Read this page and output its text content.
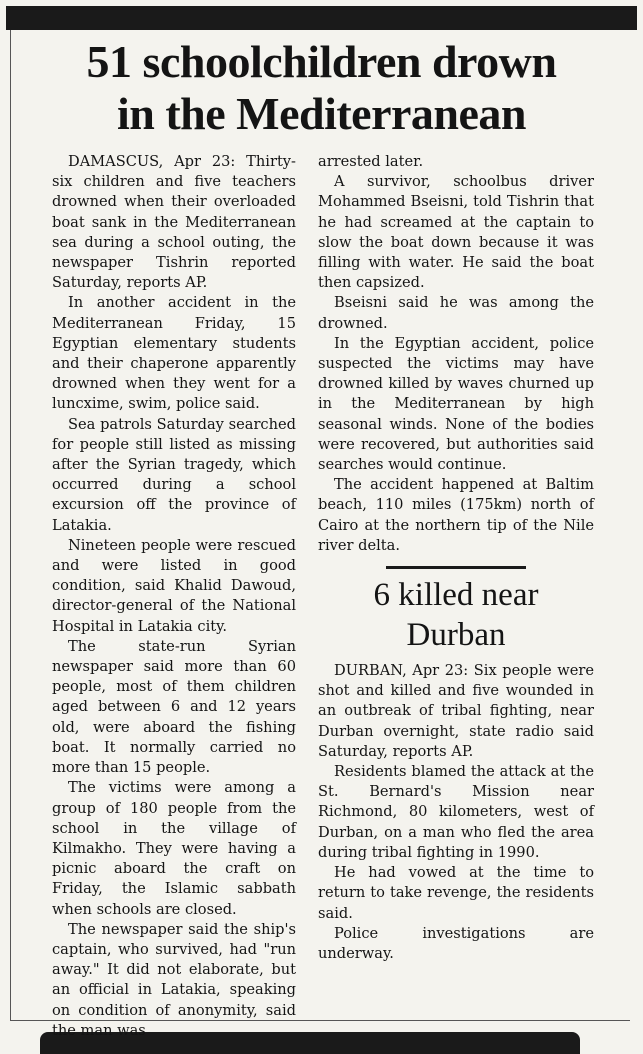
51 schoolchildren drown
in the Mediterranean

DAMASCUS, Apr 23: Thirty-six children and five teachers drowned when their overloaded boat sank in the Mediterranean sea during a school outing, the newspaper Tishrin reported Saturday, reports AP.

In another accident in the Mediterranean Friday, 15 Egyptian elementary students and their chaperone apparently drowned when they went for a luncxime, swim, police said.

Sea patrols Saturday searched for people still listed as missing after the Syrian tragedy, which occurred during a school excursion off the province of Latakia.

Nineteen people were rescued and were listed in good condition, said Khalid Dawoud, director-general of the National Hospital in Latakia city.

The state-run Syrian newspaper said more than 60 people, most of them children aged between 6 and 12 years old, were aboard the fishing boat. It normally carried no more than 15 people.

The victims were among a group of 180 people from the school in the village of Kilmakho. They were having a picnic aboard the craft on Friday, the Islamic sabbath when schools are closed.

The newspaper said the ship's captain, who survived, had "run away." It did not elaborate, but an official in Latakia, speaking on condition of anonymity, said the man was

arrested later.

A survivor, schoolbus driver Mohammed Bseisni, told Tishrin that he had screamed at the captain to slow the boat down because it was filling with water. He said the boat then capsized.

Bseisni said he was among the drowned.

In the Egyptian accident, police suspected the victims may have drowned killed by waves churned up in the Mediterranean by high seasonal winds. None of the bodies were recovered, but authorities said searches would continue.

The accident happened at Baltim beach, 110 miles (175km) north of Cairo at the northern tip of the Nile river delta.

6 killed near
Durban

DURBAN, Apr 23: Six people were shot and killed and five wounded in an outbreak of tribal fighting, near Durban overnight, state radio said Saturday, reports AP.

Residents blamed the attack at the St. Bernard's Mission near Richmond, 80 kilometers, west of Durban, on a man who fled the area during tribal fighting in 1990.

He had vowed at the time to return to take revenge, the residents said.

Police investigations are underway.
